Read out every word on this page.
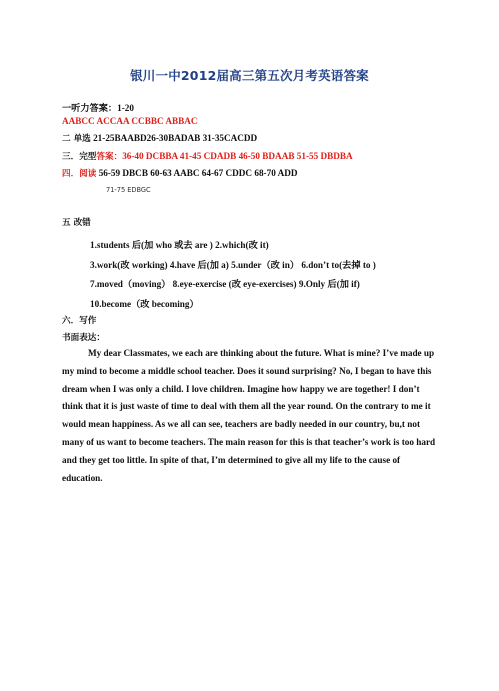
银川一中2012届高三第五次月考英语答案
一听力答案：1-20
AABCC ACCAA CCBBC ABBAC
二 单选 21-25BAABD26-30BADAB 31-35CACDD
三．完型答案：36-40 DCBBA 41-45 CDADB 46-50 BDAAB 51-55 DBDBA
四．阅读 56-59 DBCB 60-63 AABC 64-67 CDDC 68-70 ADD
71-75 EDBGC
五 改错
1.students 后(加 who 或去 are ) 2.which(改 it)
3.work(改 working) 4.have 后(加 a) 5.under（改 in） 6.don’t to(去掉 to )
7.moved（moving） 8.eye-exercise (改 eye-exercises) 9.Only 后(加 if)
10.become（改 becoming）
六．写作
书面表达：
My dear Classmates, we each are thinking about the future. What is mine? I’ve made up my mind to become a middle school teacher. Does it sound surprising? No, I began to have this dream when I was only a child. I love children. Imagine how happy we are together! I don’t think that it is just waste of time to deal with them all the year round. On the contrary to me it would mean happiness. As we all can see, teachers are badly needed in our country, bu,t not many of us want to become teachers. The main reason for this is that teacher’s work is too hard and they get too little. In spite of that, I’m determined to give all my life to the cause of education.
